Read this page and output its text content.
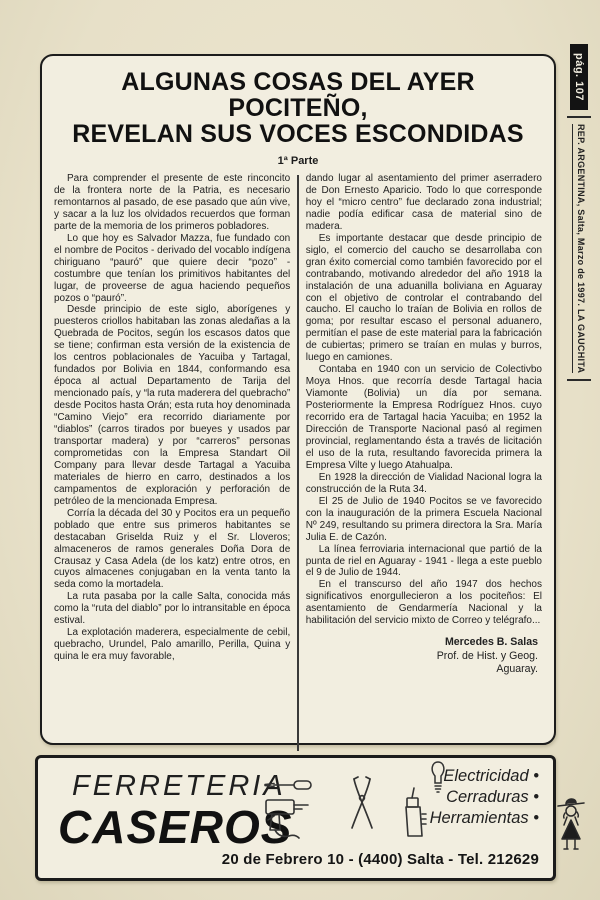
ALGUNAS COSAS DEL AYER POCITEÑO,
REVELAN SUS VOCES ESCONDIDAS
1ª Parte

Para comprender el presente de este rinconcito de la frontera norte de la Patria, es necesario remontarnos al pasado, de ese pasado que aún vive, y sacar a la luz los olvidados recuerdos que forman parte de la memoria de los primeros pobladores.

Lo que hoy es Salvador Mazza, fue fundado con el nombre de Pocitos - derivado del vocablo indígena chiriguano “pauró” que quiere decir “pozo” - costumbre que tenían los primitivos habitantes del lugar, de proveerse de agua haciendo pequeños pozos o “pauró”.

Desde principio de este siglo, aborígenes y puesteros criollos habitaban las zonas aledañas a la Quebrada de Pocitos, según los escasos datos que se tiene; confirman esta versión de la existencia de los centros poblacionales de Yacuiba y Tartagal, fundados por Bolivia en 1844, conformando esa época al actual Departamento de Tarija del mencionado país, y “la ruta maderera del quebracho” desde Pocitos hasta Orán; esta ruta hoy denominada “Camino Viejo” era recorrido diariamente por “diablos” (carros tirados por bueyes y usados par transportar madera) y por “carreros” personas comprometidas con la Empresa Standart Oil Company para llevar desde Tartagal a Yacuiba materiales de hierro en carro, destinados a los campamentos de exploración y perforación de petróleo de la mencionada Empresa.

Corría la década del 30 y Pocitos era un pequeño poblado que entre sus primeros habitantes se destacaban Griselda Ruiz y el Sr. Lloveros; almaceneros de ramos generales Doña Dora de Crausaz y Casa Adela (de los katz) entre otros, en cuyos almacenes conjugaban en la venta tanto la seda como la mortadela.

La ruta pasaba por la calle Salta, conocida más como la “ruta del diablo” por lo intransitable en época estival.

La explotación maderera, especialmente de cebil, quebracho, Urundel, Palo amarillo, Perilla, Quina y quina le era muy favorable,

dando lugar al asentamiento del primer aserradero de Don Ernesto Aparicio. Todo lo que corresponde hoy el “micro centro” fue declarado zona industrial; nadie podía edificar casa de material sino de madera.

Es importante destacar que desde principio de siglo, el comercio del caucho se desarrollaba con gran éxito comercial como también favorecido por el contrabando, motivando alrededor del año 1918 la instalación de una aduanilla boliviana en Aguaray con el objetivo de controlar el contrabando del caucho. El caucho lo traían de Bolivia en rollos de goma; por resultar escaso el personal aduanero, permitían el pase de este material para la fabricación de cubiertas; primero se traían en mulas y burros, luego en camiones.

Contaba en 1940 con un servicio de Colectivbo Moya Hnos. que recorría desde Tartagal hacia Viamonte (Bolivia) un día por semana. Posteriormente la Empresa Rodríguez Hnos. cuyo recorrido era de Tartagal hacia Yacuiba; en 1952 la Dirección de Transporte Nacional pasó al regimen provincial, reglamentando ésta a través de licitación el uso de la ruta, resultando favorecida primera la Empresa Vilte y luego Atahualpa.

En 1928 la dirección de Vialidad Nacional logra la construcción de la Ruta 34.

El 25 de Julio de 1940 Pocitos se ve favorecido con la inauguración de la primera Escuela Nacional Nº 249, resultando su primera directora la Sra. María Julia E. de Cazón.

La línea ferroviaria internacional que partió de la punta de riel en Aguaray - 1941 - llega a este pueblo el 9 de Julio de 1944.

En el transcurso del año 1947 dos hechos significativos enorgullecieron a los pociteños: El asentamiento de Gendarmería Nacional y la habilitación del servicio mixto de Correo y telégrafo...

Mercedes B. Salas
Prof. de Hist. y Geog.
Aguaray.
pág. 107
REP. ARGENTINA, Salta, Marzo de 1997. LA GAUCHITA
FERRETERIA
CASEROS
Electricidad •
Cerraduras •
Herramientas •
20 de Febrero 10 - (4400) Salta - Tel. 212629
